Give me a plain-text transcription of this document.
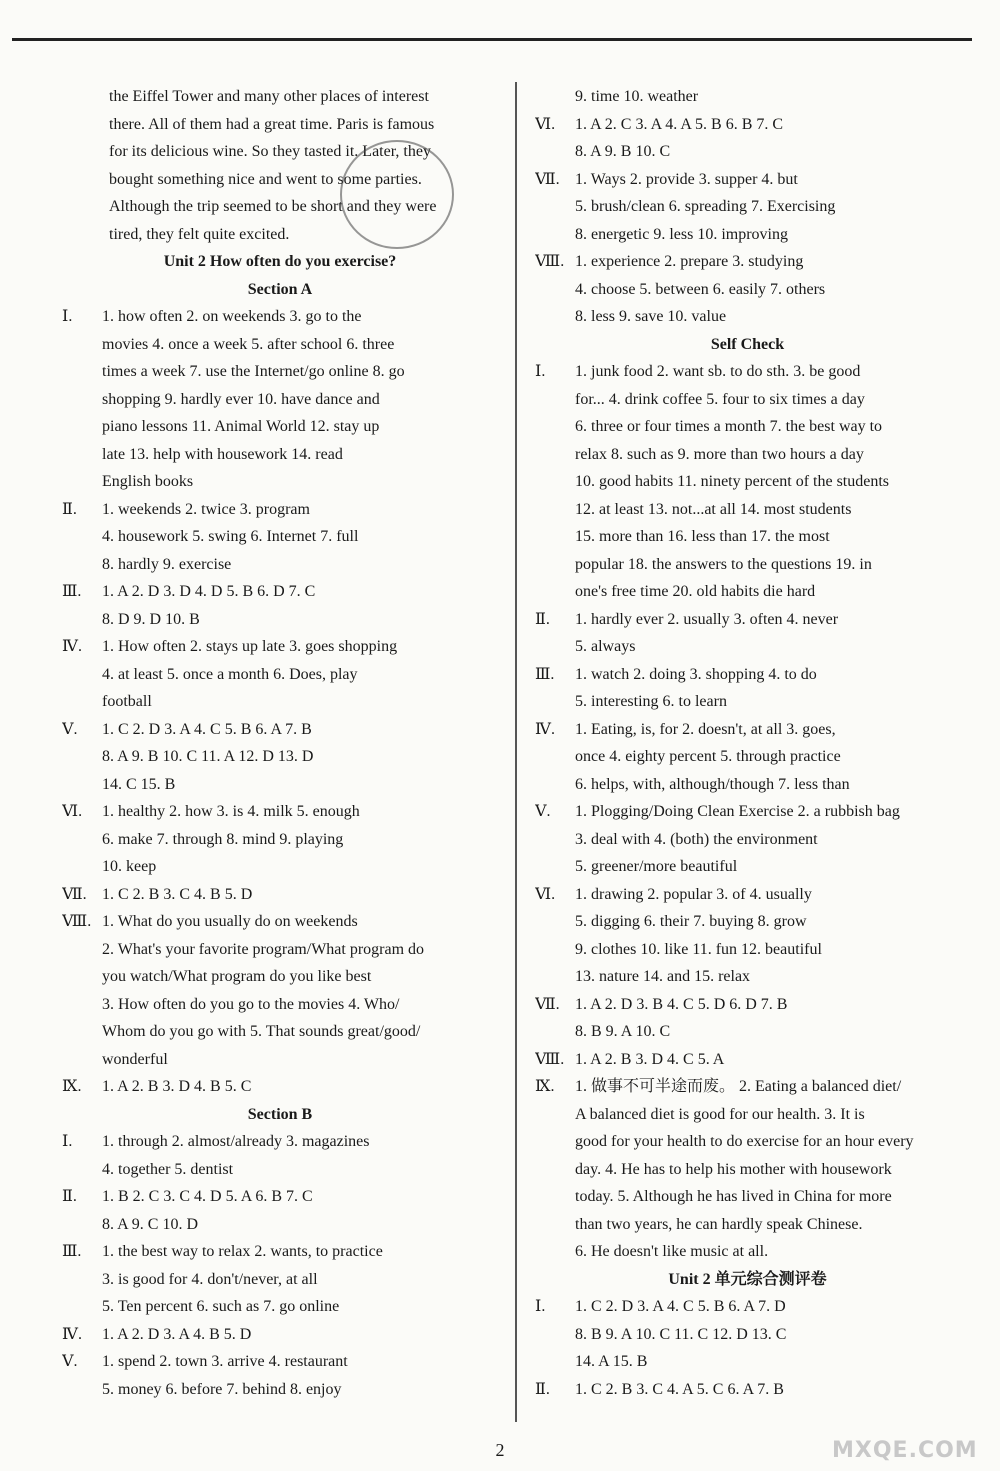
the Eiffel Tower and many other places of interest
there. All of them had a great time. Paris is famous
for its delicious wine. So they tasted it. Later, they
bought something nice and went to some parties.
Although the trip seemed to be short and they were
tired, they felt quite excited.
Unit 2 How often do you exercise?
Section A
Ⅰ. 1. how often 2. on weekends 3. go to the
movies 4. once a week 5. after school 6. three
times a week 7. use the Internet/go online 8. go
shopping 9. hardly ever 10. have dance and
piano lessons 11. Animal World 12. stay up
late 13. help with housework 14. read
English books
Ⅱ. 1. weekends 2. twice 3. program
4. housework 5. swing 6. Internet 7. full
8. hardly 9. exercise
Ⅲ. 1. A 2. D 3. D 4. D 5. B 6. D 7. C
8. D 9. D 10. B
Ⅳ. 1. How often 2. stays up late 3. goes shopping
4. at least 5. once a month 6. Does, play
football
Ⅴ. 1. C 2. D 3. A 4. C 5. B 6. A 7. B
8. A 9. B 10. C 11. A 12. D 13. D
14. C 15. B
Ⅵ. 1. healthy 2. how 3. is 4. milk 5. enough
6. make 7. through 8. mind 9. playing
10. keep
Ⅶ. 1. C 2. B 3. C 4. B 5. D
Ⅷ. 1. What do you usually do on weekends
2. What's your favorite program/What program do
you watch/What program do you like best
3. How often do you go to the movies 4. Who/
Whom do you go with 5. That sounds great/good/
wonderful
Ⅸ. 1. A 2. B 3. D 4. B 5. C
Section B
Ⅰ. 1. through 2. almost/already 3. magazines
4. together 5. dentist
Ⅱ. 1. B 2. C 3. C 4. D 5. A 6. B 7. C
8. A 9. C 10. D
Ⅲ. 1. the best way to relax 2. wants, to practice
3. is good for 4. don't/never, at all
5. Ten percent 6. such as 7. go online
Ⅳ. 1. A 2. D 3. A 4. B 5. D
Ⅴ. 1. spend 2. town 3. arrive 4. restaurant
5. money 6. before 7. behind 8. enjoy
9. time 10. weather
Ⅵ. 1. A 2. C 3. A 4. A 5. B 6. B 7. C
8. A 9. B 10. C
Ⅶ. 1. Ways 2. provide 3. supper 4. but
5. brush/clean 6. spreading 7. Exercising
8. energetic 9. less 10. improving
Ⅷ. 1. experience 2. prepare 3. studying
4. choose 5. between 6. easily 7. others
8. less 9. save 10. value
Self Check
Ⅰ. 1. junk food 2. want sb. to do sth. 3. be good
for... 4. drink coffee 5. four to six times a day
6. three or four times a month 7. the best way to
relax 8. such as 9. more than two hours a day
10. good habits 11. ninety percent of the students
12. at least 13. not...at all 14. most students
15. more than 16. less than 17. the most
popular 18. the answers to the questions 19. in
one's free time 20. old habits die hard
Ⅱ. 1. hardly ever 2. usually 3. often 4. never
5. always
Ⅲ. 1. watch 2. doing 3. shopping 4. to do
5. interesting 6. to learn
Ⅳ. 1. Eating, is, for 2. doesn't, at all 3. goes,
once 4. eighty percent 5. through practice
6. helps, with, although/though 7. less than
Ⅴ. 1. Plogging/Doing Clean Exercise 2. a rubbish bag
3. deal with 4. (both) the environment
5. greener/more beautiful
Ⅵ. 1. drawing 2. popular 3. of 4. usually
5. digging 6. their 7. buying 8. grow
9. clothes 10. like 11. fun 12. beautiful
13. nature 14. and 15. relax
Ⅶ. 1. A 2. D 3. B 4. C 5. D 6. D 7. B
8. B 9. A 10. C
Ⅷ. 1. A 2. B 3. D 4. C 5. A
Ⅸ. 1. 做事不可半途而废。 2. Eating a balanced diet/
A balanced diet is good for our health. 3. It is
good for your health to do exercise for an hour every
day. 4. He has to help his mother with housework
today. 5. Although he has lived in China for more
than two years, he can hardly speak Chinese.
6. He doesn't like music at all.
Unit 2 单元综合测评卷
Ⅰ. 1. C 2. D 3. A 4. C 5. B 6. A 7. D
8. B 9. A 10. C 11. C 12. D 13. C
14. A 15. B
Ⅱ. 1. C 2. B 3. C 4. A 5. C 6. A 7. B
MXQE.COM
2
